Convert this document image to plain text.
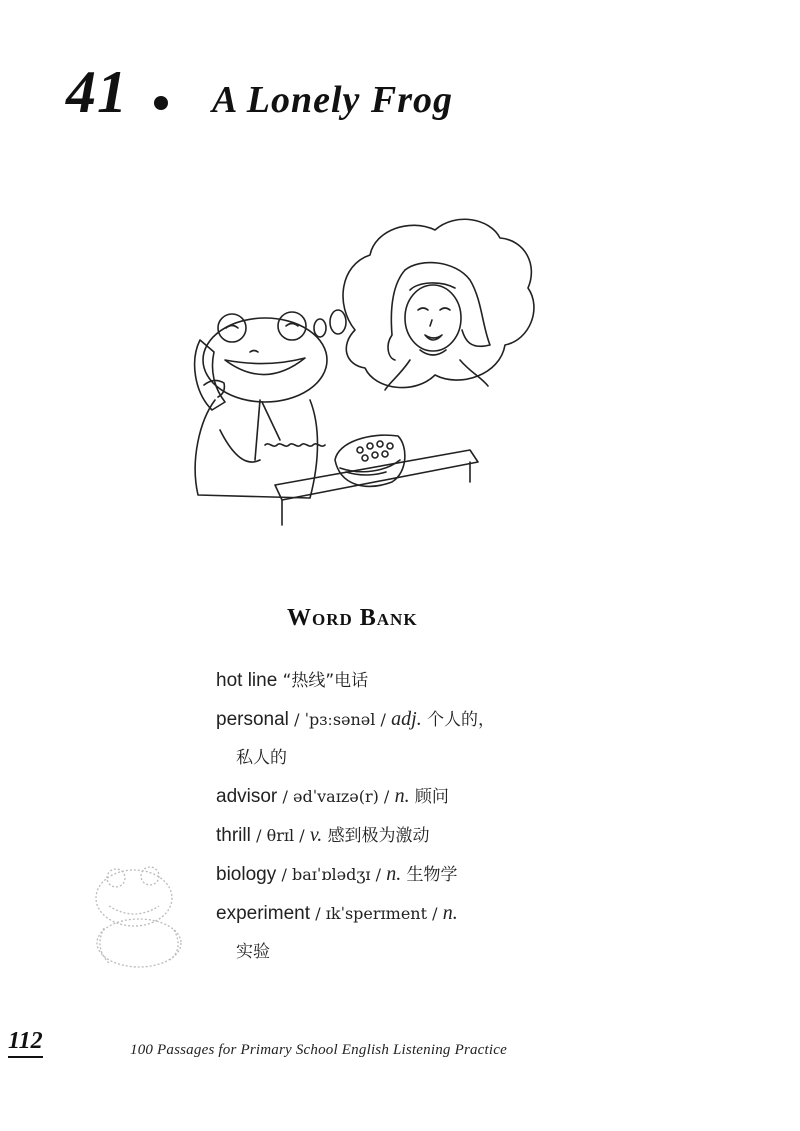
41 A Lonely Frog
Word Bank
hot line “热线”电话
personal / ˈpɜːsənəl / adj. 个人的，
私人的
advisor / ədˈvaɪzə(r) / n. 顾问
thrill / θrɪl / v. 感到极为激动
biology / baɪˈɒlədʒɪ / n. 生物学
experiment / ɪkˈsperɪment / n.
实验
112	100 Passages for Primary School English Listening Practice
